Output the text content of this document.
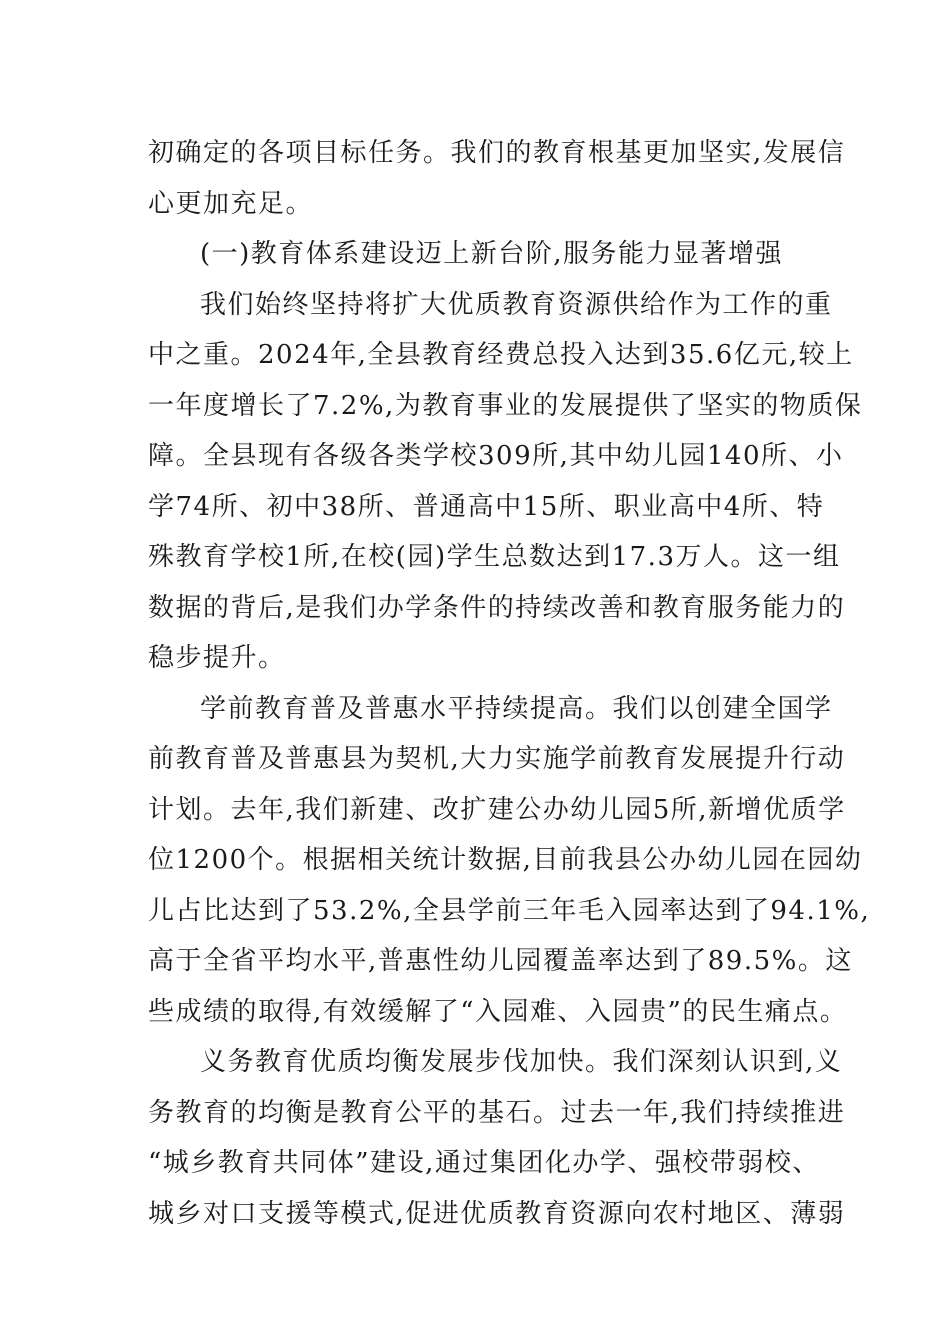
初确定的各项目标任务。我们的教育根基更加坚实,发展信
心更加充足。
(一)教育体系建设迈上新台阶,服务能力显著增强
我们始终坚持将扩大优质教育资源供给作为工作的重
中之重。2024年,全县教育经费总投入达到35.6亿元,较上
一年度增长了7.2%,为教育事业的发展提供了坚实的物质保
障。全县现有各级各类学校309所,其中幼儿园140所、小
学74所、初中38所、普通高中15所、职业高中4所、特
殊教育学校1所,在校(园)学生总数达到17.3万人。这一组
数据的背后,是我们办学条件的持续改善和教育服务能力的
稳步提升。
学前教育普及普惠水平持续提高。我们以创建全国学
前教育普及普惠县为契机,大力实施学前教育发展提升行动
计划。去年,我们新建、改扩建公办幼儿园5所,新增优质学
位1200个。根据相关统计数据,目前我县公办幼儿园在园幼
儿占比达到了53.2%,全县学前三年毛入园率达到了94.1%,
高于全省平均水平,普惠性幼儿园覆盖率达到了89.5%。这
些成绩的取得,有效缓解了“入园难、入园贵”的民生痛点。
义务教育优质均衡发展步伐加快。我们深刻认识到,义
务教育的均衡是教育公平的基石。过去一年,我们持续推进
“城乡教育共同体”建设,通过集团化办学、强校带弱校、
城乡对口支援等模式,促进优质教育资源向农村地区、薄弱
